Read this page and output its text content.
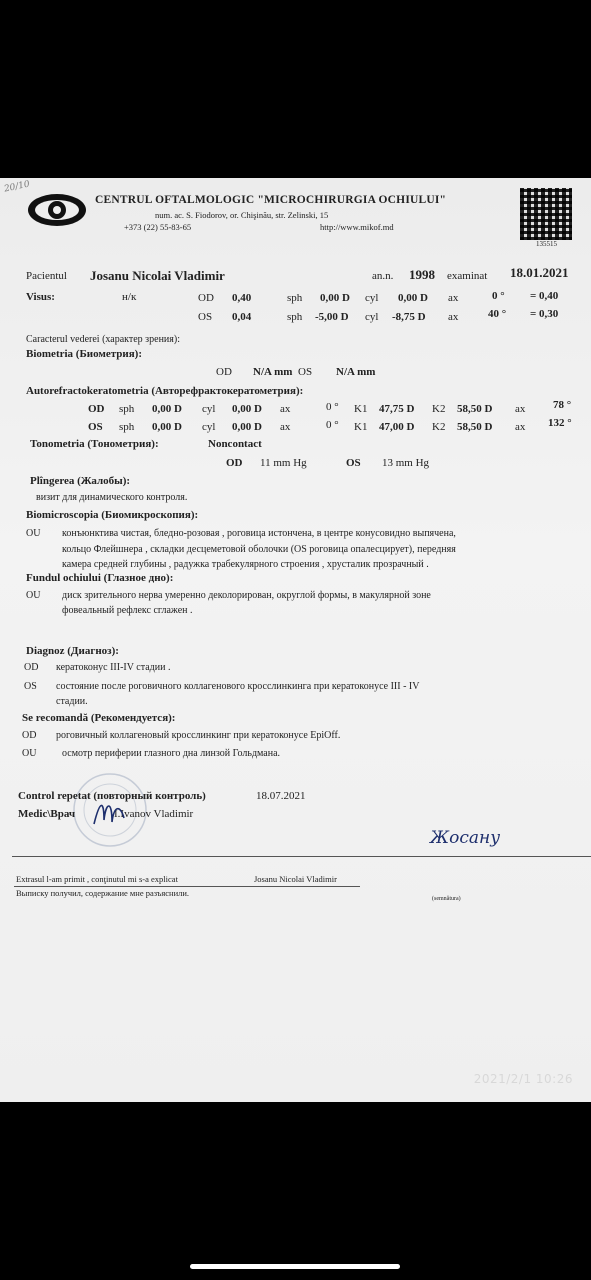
20/10
CENTRUL OFTALMOLOGIC "MICROCHIRURGIA OCHIULUI"
num. ac. S. Fiodorov, or. Chişinău, str. Zelinski, 15
+373 (22) 55-83-65	http://www.mikof.md
135515
Pacientul Josanu Nicolai Vladimir	an.n. 1998 examinat 18.01.2021
Visus:	н/к	OD 0,40	sph 0,00 D cyl 0,00 D ax	0 ° = 0,40
OS 0,04	sph -5,00 D cyl -8,75 D ax	40 ° = 0,30
Caracterul vederei (характер зрения):
Biometria (Биометрия):
OD N/A mm OS N/A mm
Autorefractokeratometria (Авторефрактокератометрия):
OD sph 0,00 D cyl 0,00 D ax	0 ° K1 47,75 D K2 58,50 D ax	78 °
OS sph 0,00 D cyl 0,00 D ax	0 ° K1 47,00 D K2 58,50 D ax 132 °
Tonometria (Тонометрия):	Noncontact
OD 11 mm Hg	OS 13 mm Hg
Plîngerea (Жалобы):
визит для динамического контроля.
Biomicroscopia (Биомикроскопия):
OU конъюнктива чистая, бледно-розовая , роговица истончена, в центре конусовидно выпячена,
кольцо Флейшнера , складки десцеметовой оболочки (OS роговица опалесцирует), передняя
камера средней глубины , радужка трабекулярного строения , хрусталик прозрачный .
Fundul ochiului (Глазное дно):
OU диск зрительного нерва умеренно деколорирован, округлой формы, в макулярной зоне
фовеальный рефлекс сглажен .
Diagnoz (Диагноз):
OD кератоконус III-IV стадии .
OS состояние после роговичного коллагенового кросслинкинга при кератоконусе III - IV
стадии.
Se recomandă (Рекомендуется):
OD роговичный коллагеновый кросслинкинг при кератоконусе EpiOff.
OU	осмотр периферии глазного дна линзой Гольдмана.
Control repetat (повторный контроль)	18.07.2021
Medic\Врач	I.Ivanov Vladimir
Жосану
Extrasul l-am primit , conţinutul mi s-a explicat	Josanu Nicolai Vladimir
Выписку получил, содержание мне разъяснили.
(semnătura)
2021/2/1 10:26
